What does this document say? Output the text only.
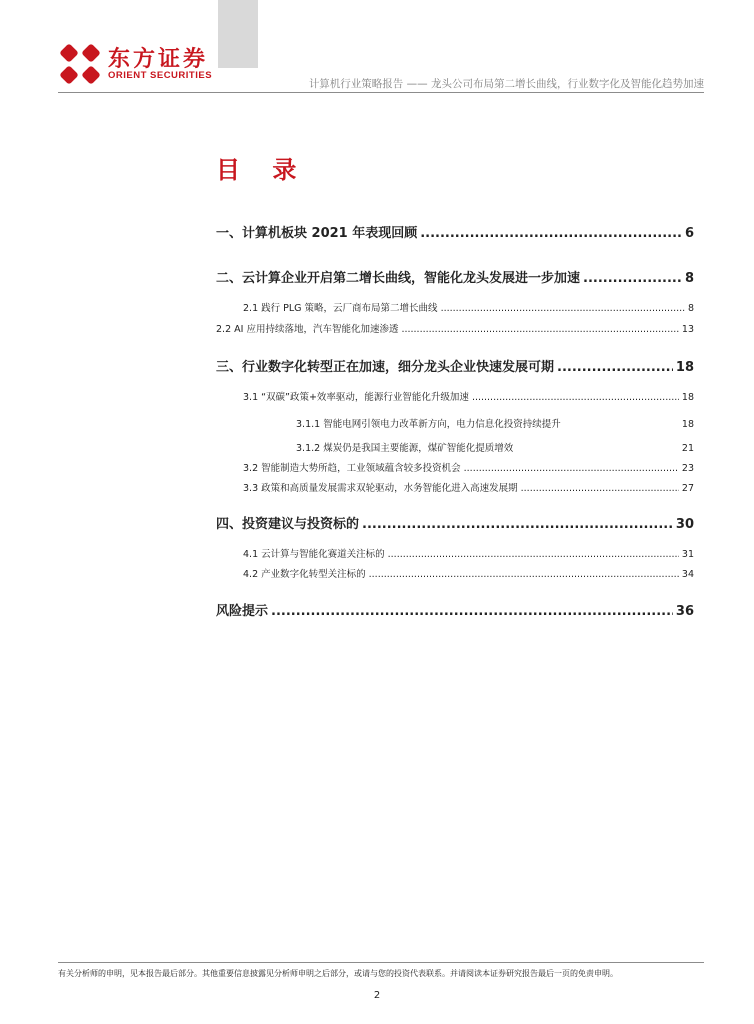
东方证券
ORIENT SECURITIES
计算机行业策略报告 —— 龙头公司布局第二增长曲线，行业数字化及智能化趋势加速
目 录
一、计算机板块 2021 年表现回顾 .....	6
二、云计算企业开启第二增长曲线，智能化龙头发展进一步加速 .....	8
2.1 践行 PLG 策略，云厂商布局第二增长曲线 .....	8
2.2 AI 应用持续落地，汽车智能化加速渗透 .....	13
三、行业数字化转型正在加速，细分龙头企业快速发展可期 .....	18
3.1 “双碳”政策+效率驱动，能源行业智能化升级加速 .....	18
3.1.1 智能电网引领电力改革新方向，电力信息化投资持续提升	18
3.1.2 煤炭仍是我国主要能源，煤矿智能化提质增效	21
3.2 智能制造大势所趋，工业领域蕴含较多投资机会 .....	23
3.3 政策和高质量发展需求双轮驱动，水务智能化进入高速发展期 .....	27
四、投资建议与投资标的 .....	30
4.1 云计算与智能化赛道关注标的 .....	31
4.2 产业数字化转型关注标的 .....	34
风险提示 .....	36
有关分析师的申明，见本报告最后部分。其他重要信息披露见分析师申明之后部分，或请与您的投资代表联系。并请阅读本证券研究报告最后一页的免责申明。
2
